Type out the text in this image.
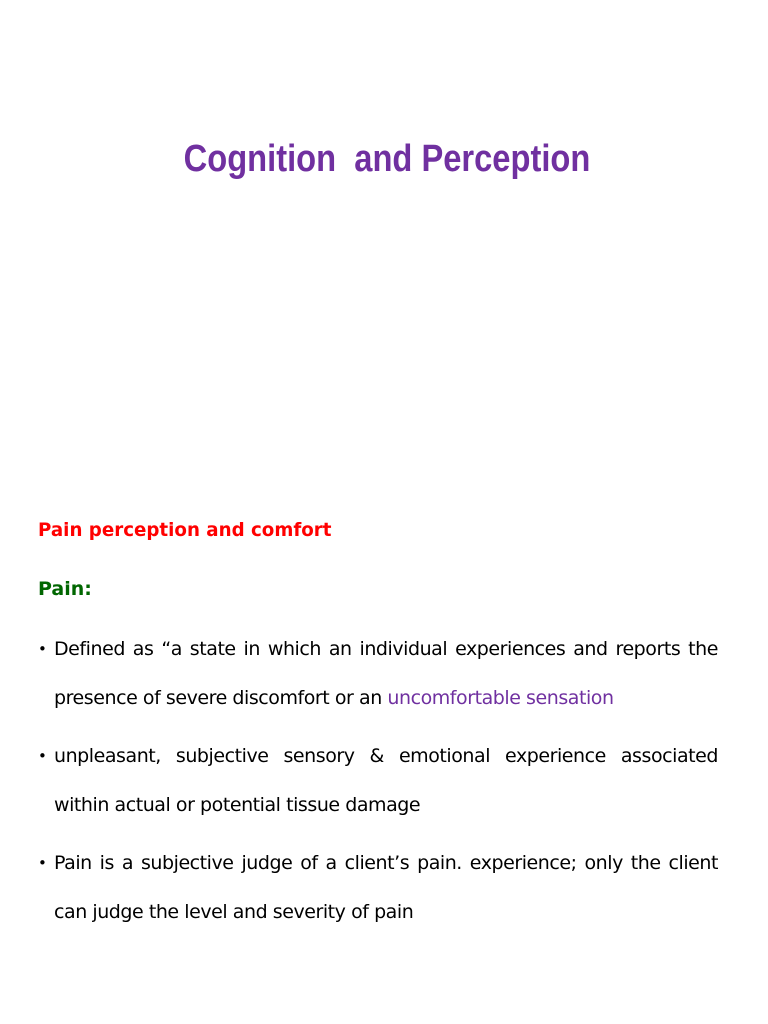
Cognition  and Perception
Pain perception and comfort
Pain:
• Defined as “a state in which an individual experiences and reports the presence of severe discomfort or an uncomfortable sensation
• unpleasant, subjective sensory & emotional experience associated within actual or potential tissue damage
• Pain is a subjective judge of a client’s pain. experience; only the client can judge the level and severity of pain
